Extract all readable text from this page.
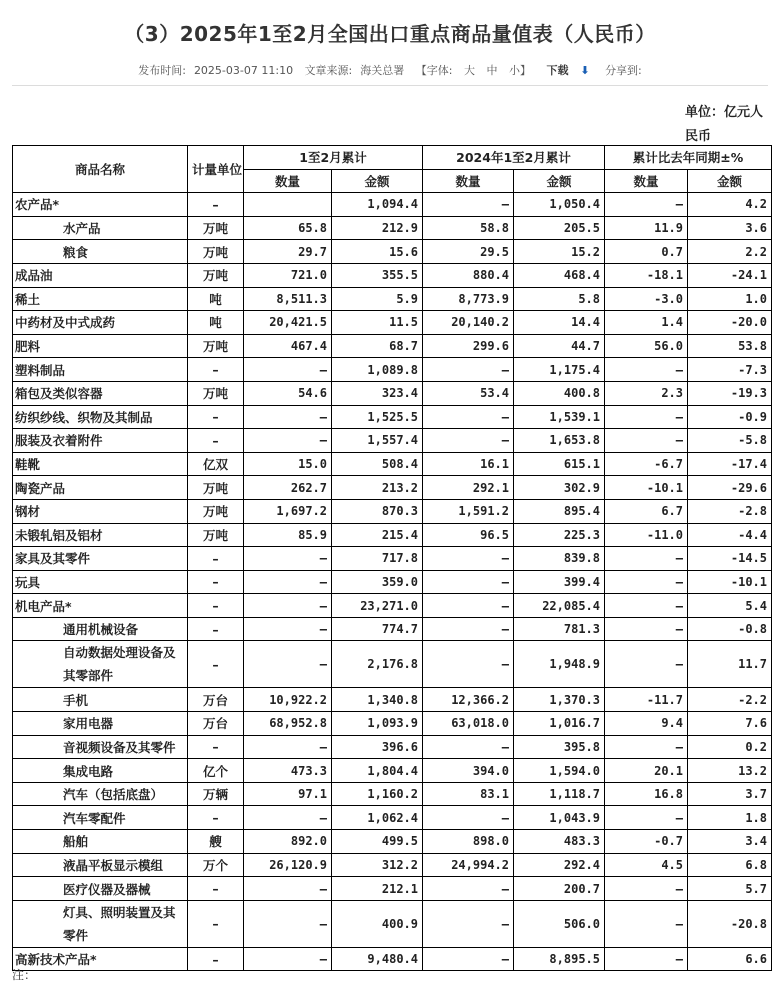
（3）2025年1至2月全国出口重点商品量值表（人民币）
发布时间: 2025-03-07 11:10 文章来源: 海关总署 【字体: 大 中 小】 下载 ⬇ 分享到:
单位：亿元人民币
商品名称	计量单位	1至2月累计		2024年1至2月累计		累计比去年同期±%	
		数量	金额	数量	金额	数量	金额
农产品*	–		1,094.4	–	1,050.4	–	4.2
水产品	万吨	65.8	212.9	58.8	205.5	11.9	3.6
粮食	万吨	29.7	15.6	29.5	15.2	0.7	2.2
成品油	万吨	721.0	355.5	880.4	468.4	-18.1	-24.1
稀土	吨	8,511.3	5.9	8,773.9	5.8	-3.0	1.0
中药材及中式成药	吨	20,421.5	11.5	20,140.2	14.4	1.4	-20.0
肥料	万吨	467.4	68.7	299.6	44.7	56.0	53.8
塑料制品	–	–	1,089.8	–	1,175.4	–	-7.3
箱包及类似容器	万吨	54.6	323.4	53.4	400.8	2.3	-19.3
纺织纱线、织物及其制品	–	–	1,525.5	–	1,539.1	–	-0.9
服装及衣着附件	–	–	1,557.4	–	1,653.8	–	-5.8
鞋靴	亿双	15.0	508.4	16.1	615.1	-6.7	-17.4
陶瓷产品	万吨	262.7	213.2	292.1	302.9	-10.1	-29.6
钢材	万吨	1,697.2	870.3	1,591.2	895.4	6.7	-2.8
未锻轧铝及铝材	万吨	85.9	215.4	96.5	225.3	-11.0	-4.4
家具及其零件	–	–	717.8	–	839.8	–	-14.5
玩具	–	–	359.0	–	399.4	–	-10.1
机电产品*	–	–	23,271.0	–	22,085.4	–	5.4
通用机械设备	–	–	774.7	–	781.3	–	-0.8
自动数据处理设备及其零部件	–	–	2,176.8	–	1,948.9	–	11.7
手机	万台	10,922.2	1,340.8	12,366.2	1,370.3	-11.7	-2.2
家用电器	万台	68,952.8	1,093.9	63,018.0	1,016.7	9.4	7.6
音视频设备及其零件	–	–	396.6	–	395.8	–	0.2
集成电路	亿个	473.3	1,804.4	394.0	1,594.0	20.1	13.2
汽车（包括底盘）	万辆	97.1	1,160.2	83.1	1,118.7	16.8	3.7
汽车零配件	–	–	1,062.4	–	1,043.9	–	1.8
船舶	艘	892.0	499.5	898.0	483.3	-0.7	3.4
液晶平板显示模组	万个	26,120.9	312.2	24,994.2	292.4	4.5	6.8
医疗仪器及器械	–	–	212.1	–	200.7	–	5.7
灯具、照明装置及其零件	–	–	400.9	–	506.0	–	-20.8
高新技术产品*	–	–	9,480.4	–	8,895.5	–	6.6
注：
